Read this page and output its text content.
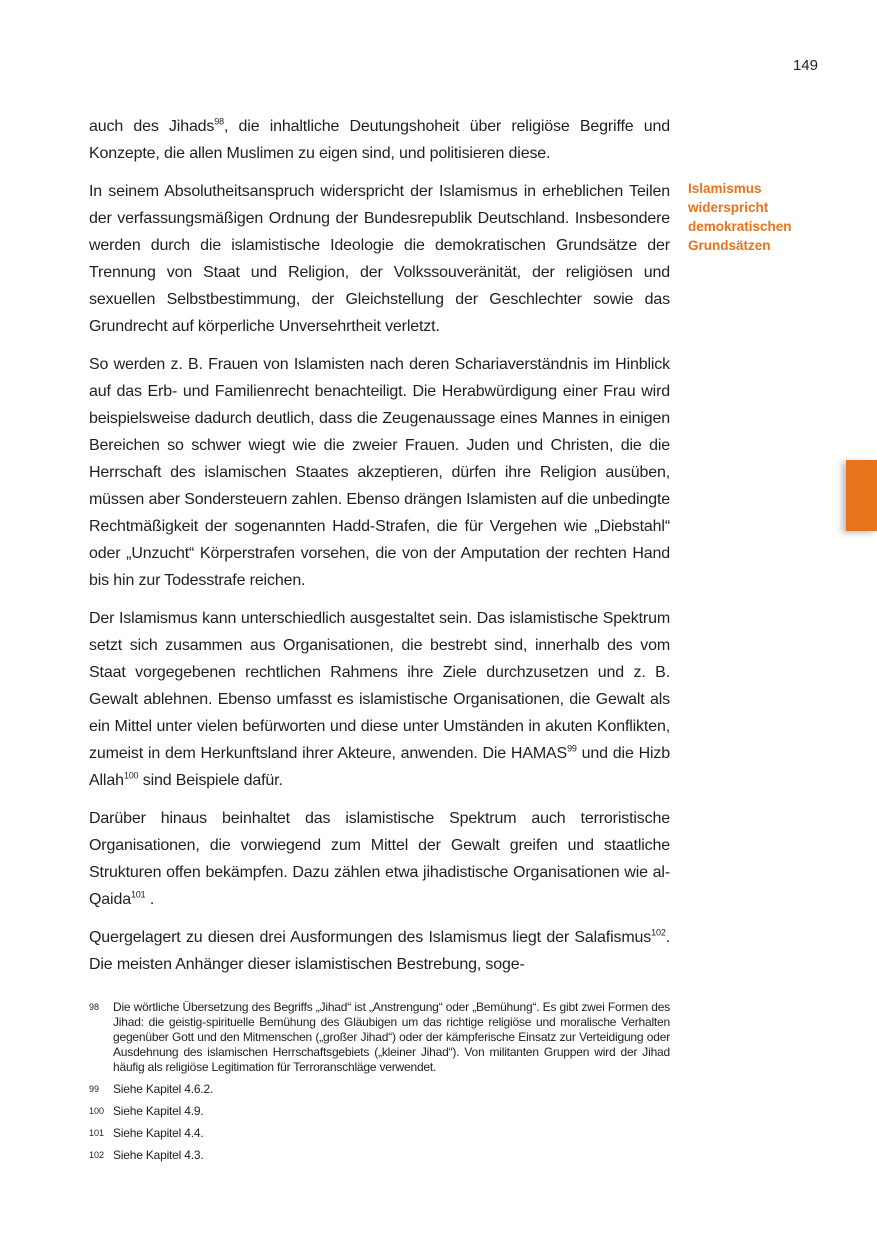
149

auch des Jihads$^{98}$, die inhaltliche Deutungshoheit über religiöse Begriffe und Konzepte, die allen Muslimen zu eigen sind, und politisieren diese.

In seinem Absolutheitsanspruch widerspricht der Islamismus in erheblichen Teilen der verfassungsmäßigen Ordnung der Bundesrepublik Deutschland. Insbesondere werden durch die islamistische Ideologie die demokratischen Grundsätze der Trennung von Staat und Religion, der Volkssouveränität, der religiösen und sexuellen Selbstbestimmung, der Gleichstellung der Geschlechter sowie das Grundrecht auf körperliche Unversehrtheit verletzt.

So werden z. B. Frauen von Islamisten nach deren Schariaverständnis im Hinblick auf das Erb- und Familienrecht benachteiligt. Die Herabwürdigung einer Frau wird beispielsweise dadurch deutlich, dass die Zeugenaussage eines Mannes in einigen Bereichen so schwer wiegt wie die zweier Frauen. Juden und Christen, die die Herrschaft des islamischen Staates akzeptieren, dürfen ihre Religion ausüben, müssen aber Sondersteuern zahlen. Ebenso drängen Islamisten auf die unbedingte Rechtmäßigkeit der sogenannten Hadd-Strafen, die für Vergehen wie „Diebstahl“ oder „Unzucht“ Körperstrafen vorsehen, die von der Amputation der rechten Hand bis hin zur Todesstrafe reichen.

Der Islamismus kann unterschiedlich ausgestaltet sein. Das islamistische Spektrum setzt sich zusammen aus Organisationen, die bestrebt sind, innerhalb des vom Staat vorgegebenen rechtlichen Rahmens ihre Ziele durchzusetzen und z. B. Gewalt ablehnen. Ebenso umfasst es islamistische Organisationen, die Gewalt als ein Mittel unter vielen befürworten und diese unter Umständen in akuten Konflikten, zumeist in dem Herkunftsland ihrer Akteure, anwenden. Die HAMAS$^{99}$ und die Hizb Allah$^{100}$ sind Beispiele dafür.

Darüber hinaus beinhaltet das islamistische Spektrum auch terroristische Organisationen, die vorwiegend zum Mittel der Gewalt greifen und staatliche Strukturen offen bekämpfen. Dazu zählen etwa jihadistische Organisationen wie al-Qaida$^{101}$ .

Quergelagert zu diesen drei Ausformungen des Islamismus liegt der Salafismus$^{102}$. Die meisten Anhänger dieser islamistischen Bestrebung, soge-

Islamismus
widerspricht
demokratischen
Grundsätzen
98	Die wörtliche Übersetzung des Begriffs „Jihad“ ist „Anstrengung“ oder „Bemühung“. Es gibt zwei Formen des Jihad: die geistig-spirituelle Bemühung des Gläubigen um das richtige religiöse und moralische Verhalten gegenüber Gott und den Mitmenschen („großer Jihad“) oder der kämpferische Einsatz zur Verteidigung oder Ausdehnung des islamischen Herrschaftsgebiets („kleiner Jihad“). Von militanten Gruppen wird der Jihad häufig als religiöse Legitimation für Terroranschläge verwendet.
99	Siehe Kapitel 4.6.2.
100 Siehe Kapitel 4.9.
101 Siehe Kapitel 4.4.
102 Siehe Kapitel 4.3.
